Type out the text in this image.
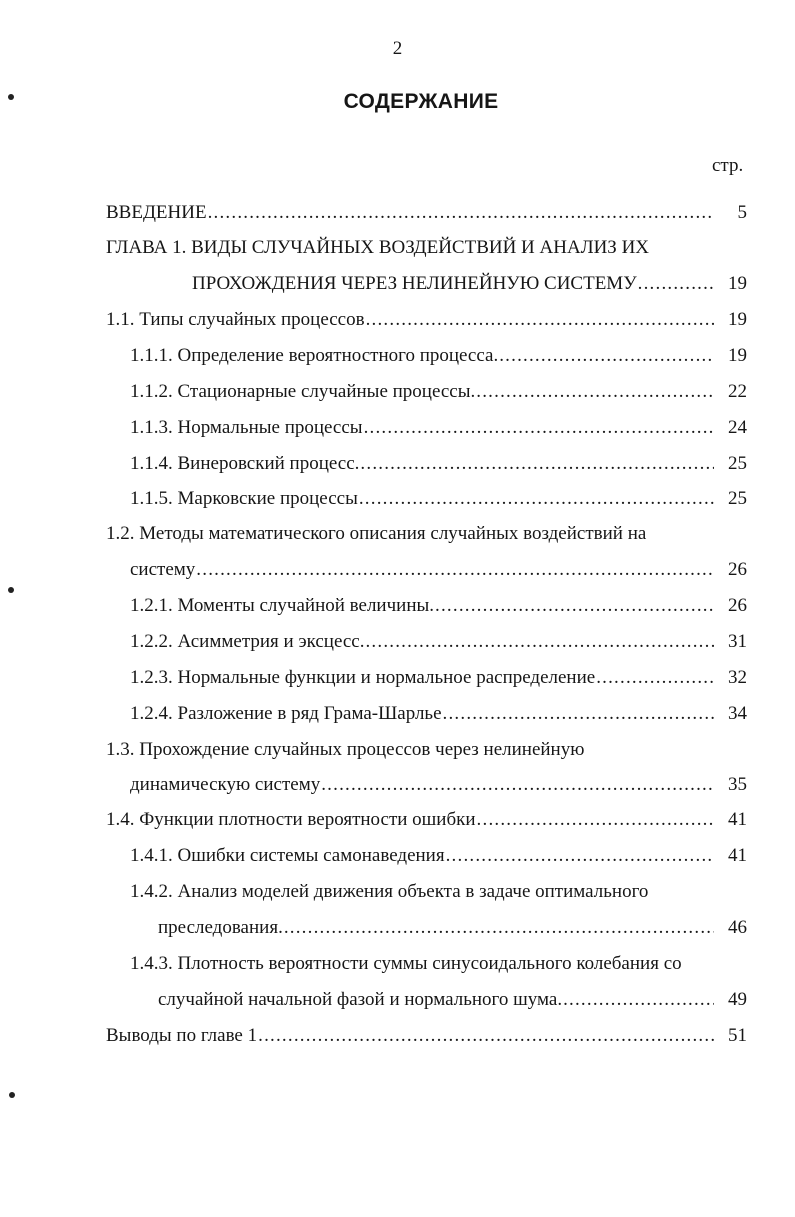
2
СОДЕРЖАНИЕ
стр.
ВВЕДЕНИЕ .....	5
ГЛАВА 1. ВИДЫ СЛУЧАЙНЫХ ВОЗДЕЙСТВИЙ И АНАЛИЗ ИХ
ПРОХОЖДЕНИЯ ЧЕРЕЗ НЕЛИНЕЙНУЮ СИСТЕМУ .....	19
1.1. Типы случайных процессов .....	19
1.1.1. Определение вероятностного процесса. .....	19
1.1.2. Стационарные случайные процессы. .....	22
1.1.3. Нормальные процессы .....	24
1.1.4. Винеровский процесс. .....	25
1.1.5. Марковские процессы .....	25
1.2. Методы математического описания случайных воздействий на
систему .....	26
1.2.1. Моменты случайной величины. .....	26
1.2.2. Асимметрия и эксцесс. .....	31
1.2.3. Нормальные функции и нормальное распределение .....	32
1.2.4. Разложение в ряд Грама-Шарлье .....	34
1.3. Прохождение случайных процессов через нелинейную
динамическую систему .....	35
1.4. Функции плотности вероятности ошибки .....	41
1.4.1. Ошибки системы самонаведения .....	41
1.4.2. Анализ моделей движения объекта в задаче оптимального
преследования. .....	46
1.4.3. Плотность вероятности суммы синусоидального колебания со
случайной начальной фазой и нормального шума. .....	49
Выводы по главе 1 .....	51
